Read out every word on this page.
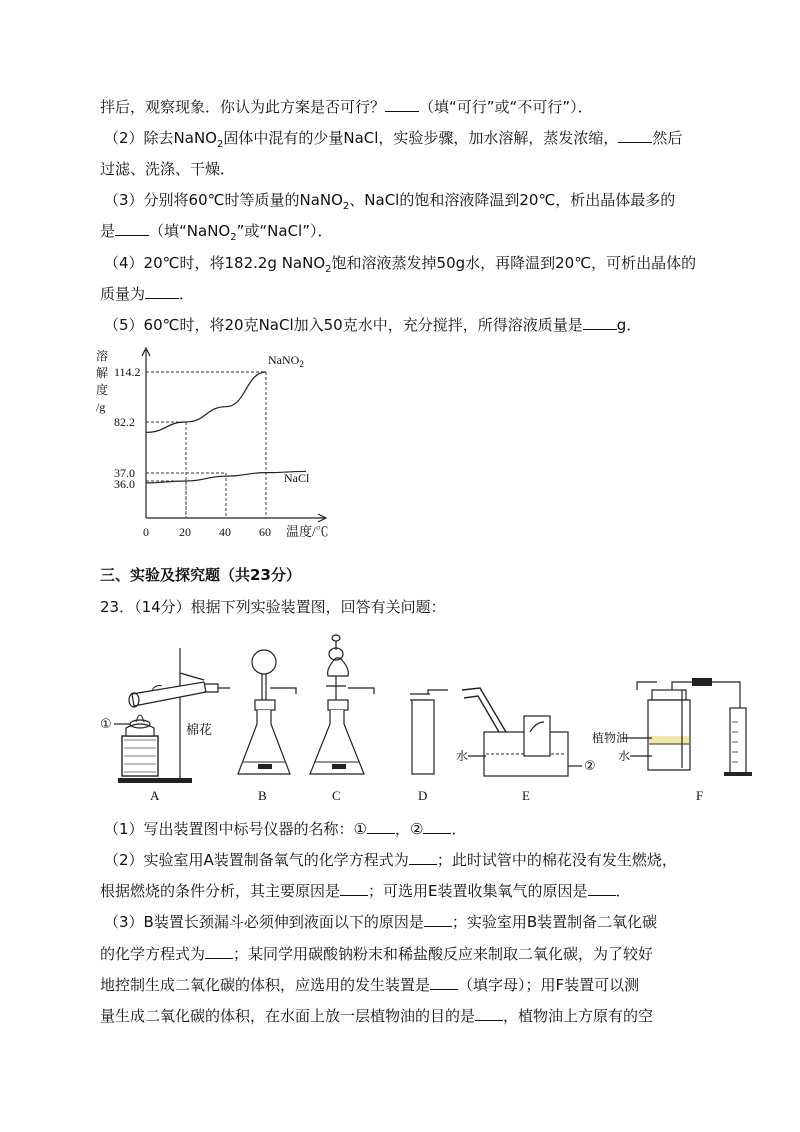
拌后，观察现象．你认为此方案是否可行？ （填“可行”或“不可行”）．
（2）除去NaNO$_2$固体中混有的少量NaCl，实验步骤，加水溶解，蒸发浓缩， 然后
过滤、洗涤、干燥．
（3）分别将60℃时等质量的NaNO$_2$、NaCl的饱和溶液降温到20℃，析出晶体最多的
是 （填“NaNO$_2$”或“NaCl”）．
（4）20℃时，将182.2g NaNO$_2$饱和溶液蒸发掉50g水，再降温到20℃，可析出晶体的
质量为 ．
（5）60℃时，将20克NaCl加入50克水中，充分搅拌，所得溶液质量是 g．
溶
解
度
/g
温度/℃
0	20 40 60
36.0
37.0
82.2
114.2
NaNO$_2$
NaCl
三、实验及探究题（共23分）
23．（14分）根据下列实验装置图，回答有关问题：
①	棉花
A	B	C	D
水
②
E
植物油
水
F
（1）写出装置图中标号仪器的名称：① ，② ．
（2）实验室用A装置制备氧气的化学方程式为 ；此时试管中的棉花没有发生燃烧，
根据燃烧的条件分析，其主要原因是 ；可选用E装置收集氧气的原因是 ．
（3）B装置长颈漏斗必须伸到液面以下的原因是 ；实验室用B装置制备二氧化碳
的化学方程式为 ；某同学用碳酸钠粉末和稀盐酸反应来制取二氧化碳，为了较好
地控制生成二氧化碳的体积，应选用的发生装置是 （填字母）；用F装置可以测
量生成二氧化碳的体积，在水面上放一层植物油的目的是 ，植物油上方原有的空
